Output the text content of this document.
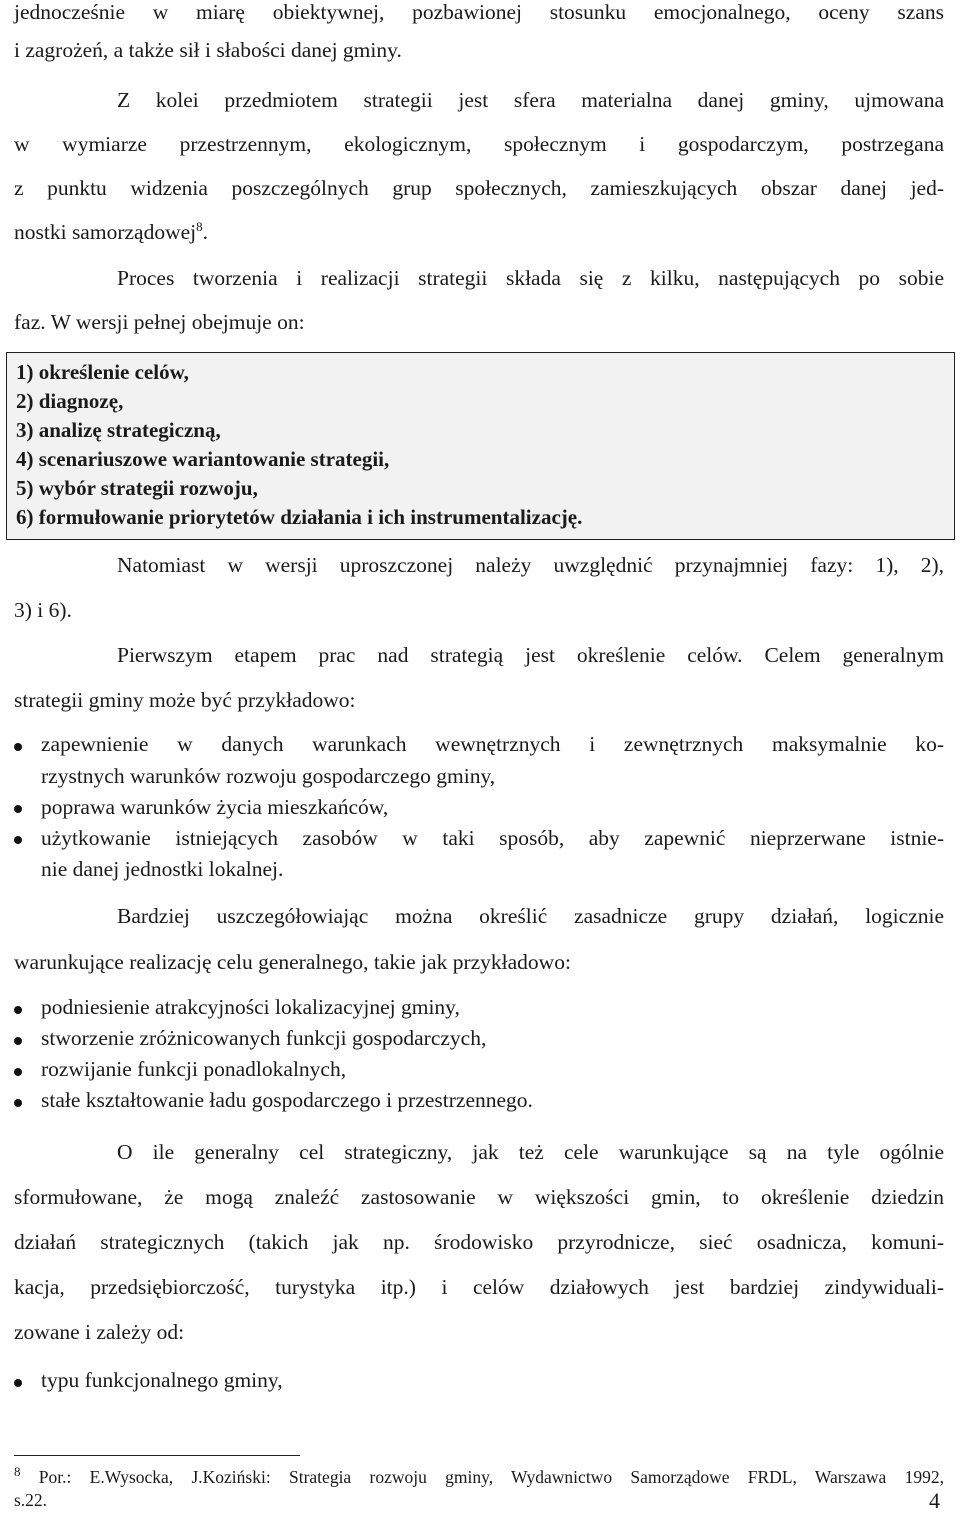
jednocześnie w miarę obiektywnej, pozbawionej stosunku emocjonalnego, oceny szans

i zagrożeń, a także sił i słabości danej gminy.

Z kolei przedmiotem strategii jest sfera materialna danej gminy, ujmowana

w wymiarze przestrzennym, ekologicznym, społecznym i gospodarczym, postrzegana

z punktu widzenia poszczególnych grup społecznych, zamieszkujących obszar danej jed-

nostki samorządowej$^8$.

Proces tworzenia i realizacji strategii składa się z kilku, następujących po sobie

faz. W wersji pełnej obejmuje on:

1) określenie celów,
2) diagnozę,
3) analizę strategiczną,
4) scenariuszowe wariantowanie strategii,
5) wybór strategii rozwoju,
6) formułowanie priorytetów działania i ich instrumentalizację.

Natomiast w wersji uproszczonej należy uwzględnić przynajmniej fazy: 1), 2),

3) i 6).

Pierwszym etapem prac nad strategią jest określenie celów. Celem generalnym

strategii gminy może być przykładowo:

zapewnienie w danych warunkach wewnętrznych i zewnętrznych maksymalnie ko-

rzystnych warunków rozwoju gospodarczego gminy,

poprawa warunków życia mieszkańców,

użytkowanie istniejących zasobów w taki sposób, aby zapewnić nieprzerwane istnie-

nie danej jednostki lokalnej.

Bardziej uszczegółowiając można określić zasadnicze grupy działań, logicznie

warunkujące realizację celu generalnego, takie jak przykładowo:

podniesienie atrakcyjności lokalizacyjnej gminy,

stworzenie zróżnicowanych funkcji gospodarczych,

rozwijanie funkcji ponadlokalnych,

stałe kształtowanie ładu gospodarczego i przestrzennego.

O ile generalny cel strategiczny, jak też cele warunkujące są na tyle ogólnie

sformułowane, że mogą znaleźć zastosowanie w większości gmin, to określenie dziedzin

działań strategicznych (takich jak np. środowisko przyrodnicze, sieć osadnicza, komuni-

kacja, przedsiębiorczość, turystyka itp.) i celów działowych jest bardziej zindywiduali-

zowane i zależy od:

typu funkcjonalnego gminy,

$^8$ Por.: E.Wysocka, J.Koziński: Strategia rozwoju gminy, Wydawnictwo Samorządowe FRDL, Warszawa 1992,

s.22.	4
